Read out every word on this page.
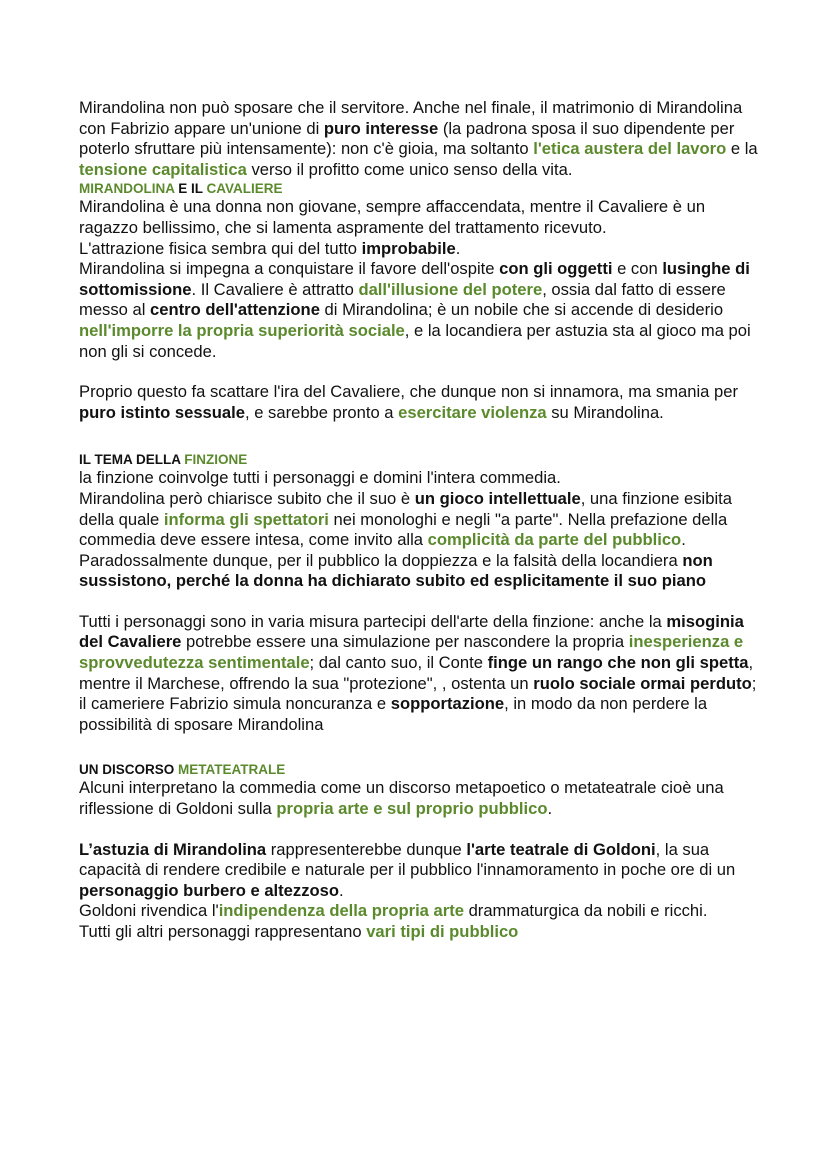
Mirandolina non può sposare che il servitore. Anche nel finale, il matrimonio di Mirandolina con Fabrizio appare un'unione di puro interesse (la padrona sposa il suo dipendente per poterlo sfruttare più intensamente): non c'è gioia, ma soltanto l'etica austera del lavoro e la tensione capitalistica verso il profitto come unico senso della vita.

MIRANDOLINA E IL CAVALIERE

Mirandolina è una donna non giovane, sempre affaccendata, mentre il Cavaliere è un ragazzo bellissimo, che si lamenta aspramente del trattamento ricevuto.
L'attrazione fisica sembra qui del tutto improbabile.

Mirandolina si impegna a conquistare il favore dell'ospite con gli oggetti e con lusinghe di sottomissione. Il Cavaliere è attratto dall'illusione del potere, ossia dal fatto di essere messo al centro dell'attenzione di Mirandolina; è un nobile che si accende di desiderio nell'imporre la propria superiorità sociale, e la locandiera per astuzia sta al gioco ma poi non gli si concede.

Proprio questo fa scattare l'ira del Cavaliere, che dunque non si innamora, ma smania per puro istinto sessuale, e sarebbe pronto a esercitare violenza su Mirandolina.

IL TEMA DELLA FINZIONE

la finzione coinvolge tutti i personaggi e domini l'intera commedia.
Mirandolina però chiarisce subito che il suo è un gioco intellettuale, una finzione esibita della quale informa gli spettatori nei monologhi e negli "a parte". Nella prefazione della commedia deve essere intesa, come invito alla complicità da parte del pubblico.
Paradossalmente dunque, per il pubblico la doppiezza e la falsità della locandiera non sussistono, perché la donna ha dichiarato subito ed esplicitamente il suo piano

Tutti i personaggi sono in varia misura partecipi dell'arte della finzione: anche la misoginia del Cavaliere potrebbe essere una simulazione per nascondere la propria inesperienza e sprovvedutezza sentimentale; dal canto suo, il Conte finge un rango che non gli spetta, mentre il Marchese, offrendo la sua "protezione", , ostenta un ruolo sociale ormai perduto; il cameriere Fabrizio simula noncuranza e sopportazione, in modo da non perdere la possibilità di sposare Mirandolina

UN DISCORSO METATEATRALE

Alcuni interpretano la commedia come un discorso metapoetico o metateatrale cioè una riflessione di Goldoni sulla propria arte e sul proprio pubblico.

L’astuzia di Mirandolina rappresenterebbe dunque l'arte teatrale di Goldoni, la sua capacità di rendere credibile e naturale per il pubblico l'innamoramento in poche ore di un personaggio burbero e altezzoso.
Goldoni rivendica l'indipendenza della propria arte drammaturgica da nobili e ricchi.
Tutti gli altri personaggi rappresentano vari tipi di pubblico
